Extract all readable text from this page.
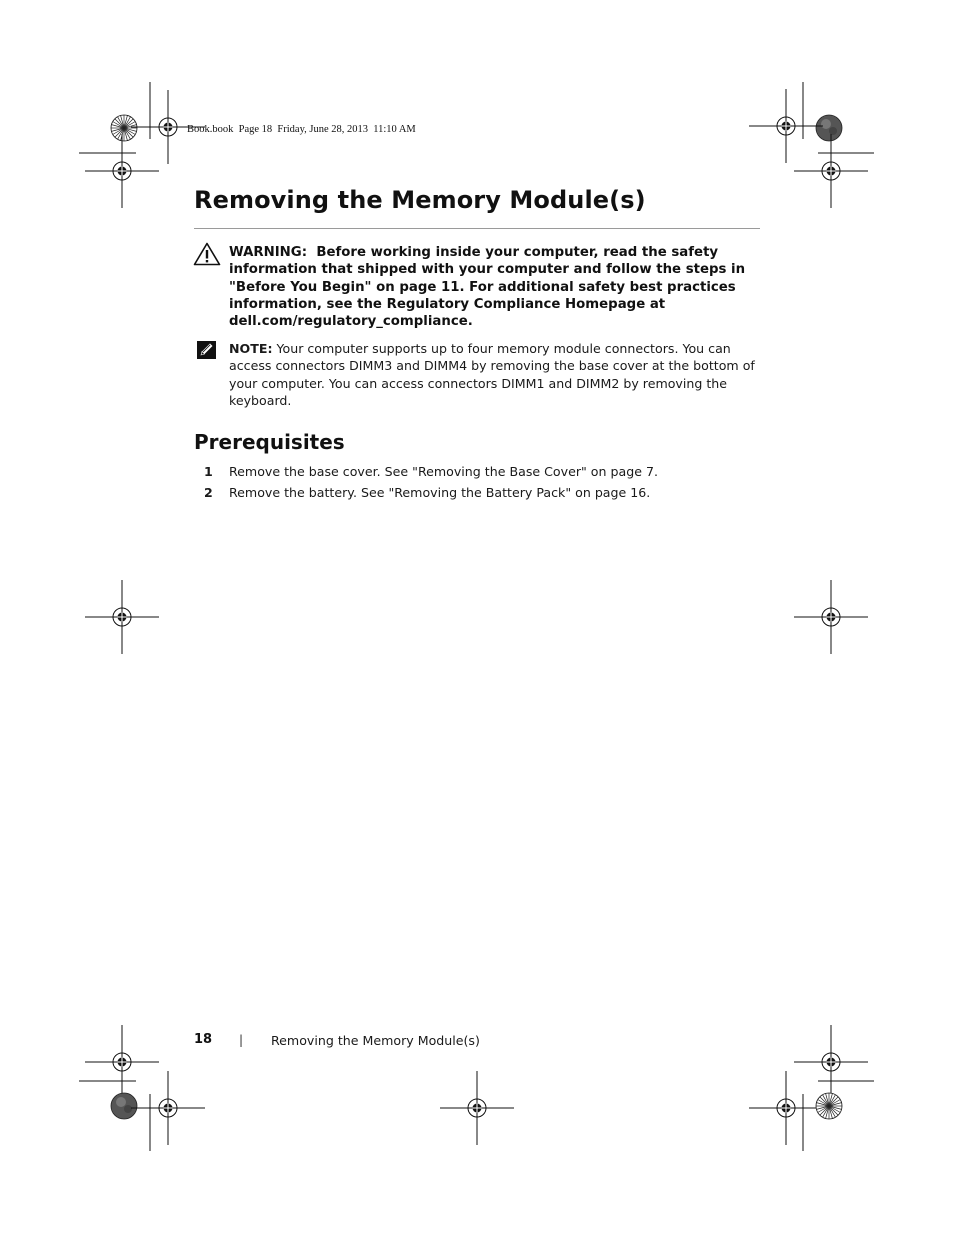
Book.book  Page 18  Friday, June 28, 2013  11:10 AM
Removing the Memory Module(s)
WARNING: Before working inside your computer, read the safety information that shipped with your computer and follow the steps in "Before You Begin" on page 11. For additional safety best practices information, see the Regulatory Compliance Homepage at dell.com/regulatory_compliance.
NOTE: Your computer supports up to four memory module connectors. You can access connectors DIMM3 and DIMM4 by removing the base cover at the bottom of your computer. You can access connectors DIMM1 and DIMM2 by removing the keyboard.
Prerequisites
1 Remove the base cover. See "Removing the Base Cover" on page 7.
2 Remove the battery. See "Removing the Battery Pack" on page 16.
18 | Removing the Memory Module(s)
